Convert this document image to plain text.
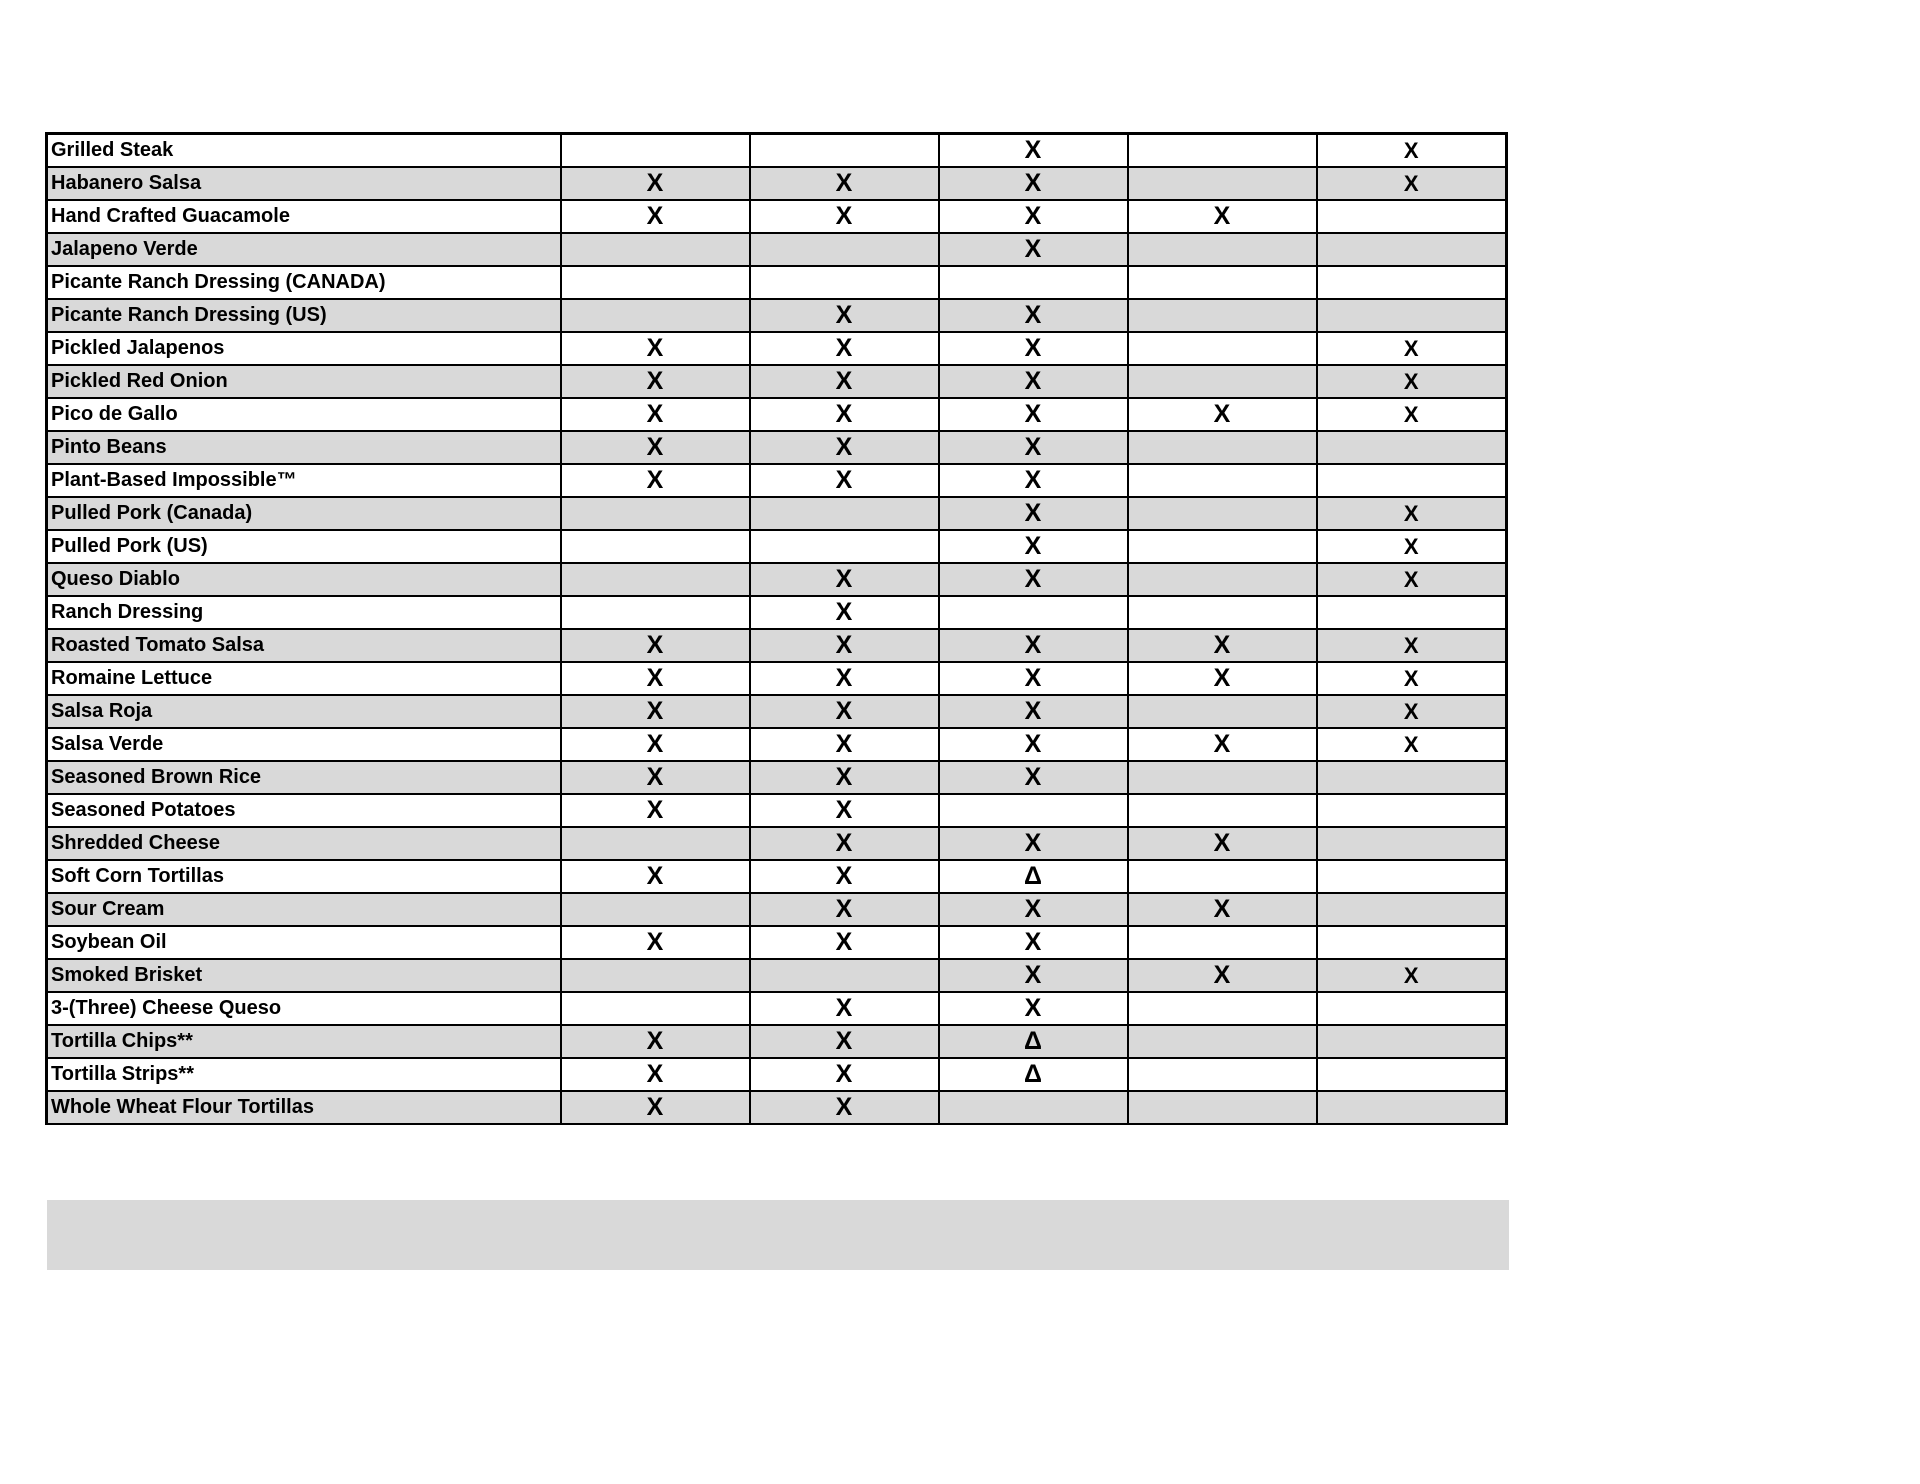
Grilled Steak			X		X
Habanero Salsa	X	X	X		X
Hand Crafted Guacamole	X	X	X	X	
Jalapeno Verde			X		
Picante Ranch Dressing (CANADA)					
Picante Ranch Dressing (US)		X	X		
Pickled Jalapenos	X	X	X		X
Pickled Red Onion	X	X	X		X
Pico de Gallo	X	X	X	X	X
Pinto Beans	X	X	X		
Plant-Based Impossible™	X	X	X		
Pulled Pork (Canada)			X		X
Pulled Pork (US)			X		X
Queso Diablo		X	X		X
Ranch Dressing		X			
Roasted Tomato Salsa	X	X	X	X	X
Romaine Lettuce	X	X	X	X	X
Salsa Roja	X	X	X		X
Salsa Verde	X	X	X	X	X
Seasoned Brown Rice	X	X	X		
Seasoned Potatoes	X	X			
Shredded Cheese		X	X	X	
Soft Corn Tortillas	X	X	Δ		
Sour Cream		X	X	X	
Soybean Oil	X	X	X		
Smoked Brisket			X	X	X
3-(Three) Cheese Queso		X	X		
Tortilla Chips**	X	X	Δ		
Tortilla Strips**	X	X	Δ		
Whole Wheat Flour Tortillas	X	X			
